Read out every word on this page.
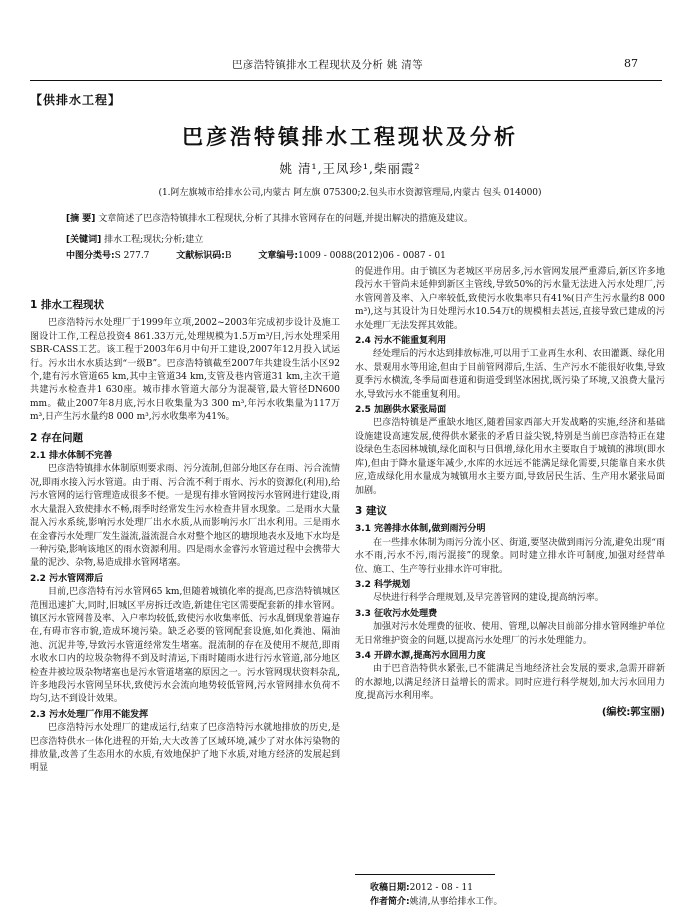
巴彦浩特镇排水工程现状及分析 姚 清等	87
【供排水工程】
巴彦浩特镇排水工程现状及分析
姚 清¹,王凤珍¹,柴丽霞²
(1.阿左旗城市给排水公司,内蒙古 阿左旗 075300;2.包头市水资源管理局,内蒙古 包头 014000)
[摘 要] 文章简述了巴彦浩特镇排水工程现状,分析了其排水管网存在的问题,并提出解决的措施及建议。
[关键词] 排水工程;现状;分析;建立
中图分类号:S 277.7	文献标识码:B	文章编号:1009 - 0088(2012)06 - 0087 - 01
1 排水工程现状
巴彦浩特污水处理厂于1999年立项,2002~2003年完成初步设计及施工图设计工作,工程总投资4 861.33万元,处理规模为1.5万m³/日,污水处理采用SBR-CASS工艺。该工程于2003年6月中旬开工建设,2007年12月投入试运行。污水出水水质达到“一级B”。巴彦浩特镇截至2007年共建设生活小区92个,建有污水管道65 km,其中主管道34 km,支管及巷内管道31 km,主次干道共建污水检查井1 630座。城市排水管道大部分为混凝管,最大管径DN600 mm。截止2007年8月底,污水日收集量为3 300 m³,年污水收集量为117万m³,日产生污水量约8 000 m³,污水收集率为41%。
2 存在问题
2.1 排水体制不完善
巴彦浩特镇排水体制原则要求雨、污分流制,但部分地区存在雨、污合流情况,即雨水接入污水管道。由于雨、污合流不利于雨水、污水的资源化(利用),给污水管网的运行管理造成很多不便。一是现有排水管网按污水管网进行建设,雨水大量混入致使排水不畅,雨季时经常发生污水检查井冒水现象。二是雨水大量混入污水系统,影响污水处理厂出水水质,从而影响污水厂出水利用。三是雨水在金睿污水处理厂发生溢流,溢流混合水对整个地区的塘坝地表水及地下水均是一种污染,影响该地区的雨水资源利用。四是雨水金睿污水管道过程中会携带大量的泥沙、杂物,易造成排水管网堵塞。
2.2 污水管网滞后
目前,巴彦浩特有污水管网65 km,但随着城镇化率的提高,巴彦浩特镇城区范围迅速扩大,同时,旧城区平房拆迁改造,新建住宅区需要配套新的排水管网。镇区污水管网普及率、入户率均较低,致使污水收集率低、污水乱倒现象普遍存在,有碍市容市貌,造成环境污染。缺乏必要的管网配套设施,如化粪池、隔油池、沉泥井等,导致污水管道经常发生堵塞。混流制的存在及使用不规范,即雨水收水口内的垃圾杂物得不到及时清运,下雨时随雨水进行污水管道,部分地区检查井被垃圾杂物堵塞也是污水管道堵塞的原因之一。污水管网现状资料杂乱,许多地段污水管网呈环状,致使污水会流向地势较低管网,污水管网排水负荷不均匀,达不到设计效果。
2.3 污水处理厂作用不能发挥
巴彦浩特污水处理厂的建成运行,结束了巴彦浩特污水就地排放的历史,是巴彦浩特供水一体化进程的开始,大大改善了区域环境,减少了对水体污染物的排放量,改善了生态用水的水质,有效地保护了地下水质,对地方经济的发展起到明显
的促进作用。由于镇区为老城区平房居多,污水管网发展严重滞后,新区许多地段污水干管尚未延伸到新区主管线,导致50%的污水量无法进入污水处理厂,污水管网普及率、入户率较低,致使污水收集率只有41%(日产生污水量约8 000 m³),这与其设计为日处理污水10.54万t的规模相去甚远,直接导致已建成的污水处理厂无法发挥其效能。
2.4 污水不能重复利用
经处理后的污水达到排放标准,可以用于工业再生水利、农田灌溉、绿化用水、景观用水等用途,但由于目前管网滞后,生活、生产污水不能很好收集,导致夏季污水横流,冬季局面巷道和街道受到坚冰困扰,既污染了环境,又浪费大量污水,导致污水不能重复利用。
2.5 加剧供水紧张局面
巴彦浩特镇是严重缺水地区,随着国家西部大开发战略的实施,经济和基础设施建设高速发展,使得供水紧张的矛盾日益尖锐,特别是当前巴彦浩特正在建设绿色生态园林城镇,绿化面积与日俱增,绿化用水主要取自于城镇的沸坝(即水库),但由于降水量逐年减少,水库的水远远不能满足绿化需要,只能靠自来水供应,造成绿化用水量成为城镇用水主要方面,导致居民生活、生产用水紧张局面加剧。
3 建议
3.1 完善排水体制,做到雨污分明
在一些排水体制为雨污分流小区、街道,要坚决做到雨污分流,避免出现“雨水不雨,污水不污,雨污混接”的现象。同时建立排水许可制度,加强对经营单位、施工、生产等行业排水许可审批。
3.2 科学规划
尽快进行科学合理规划,及早完善管网的建设,提高纳污率。
3.3 征收污水处理费
加强对污水处理费的征收、使用、管理,以解决目前部分排水管网维护单位无日常维护资金的问题,以提高污水处理厂的污水处理能力。
3.4 开辟水源,提高污水回用力度
由于巴音浩特供水紧张,已不能满足当地经济社会发展的要求,急需开辟新的水源地,以满足经济日益增长的需求。同时应进行科学规划,加大污水回用力度,提高污水利用率。
(编校:郭宝丽)
收稿日期:2012 - 08 - 11
作者简介:姚清,从事给排水工作。
